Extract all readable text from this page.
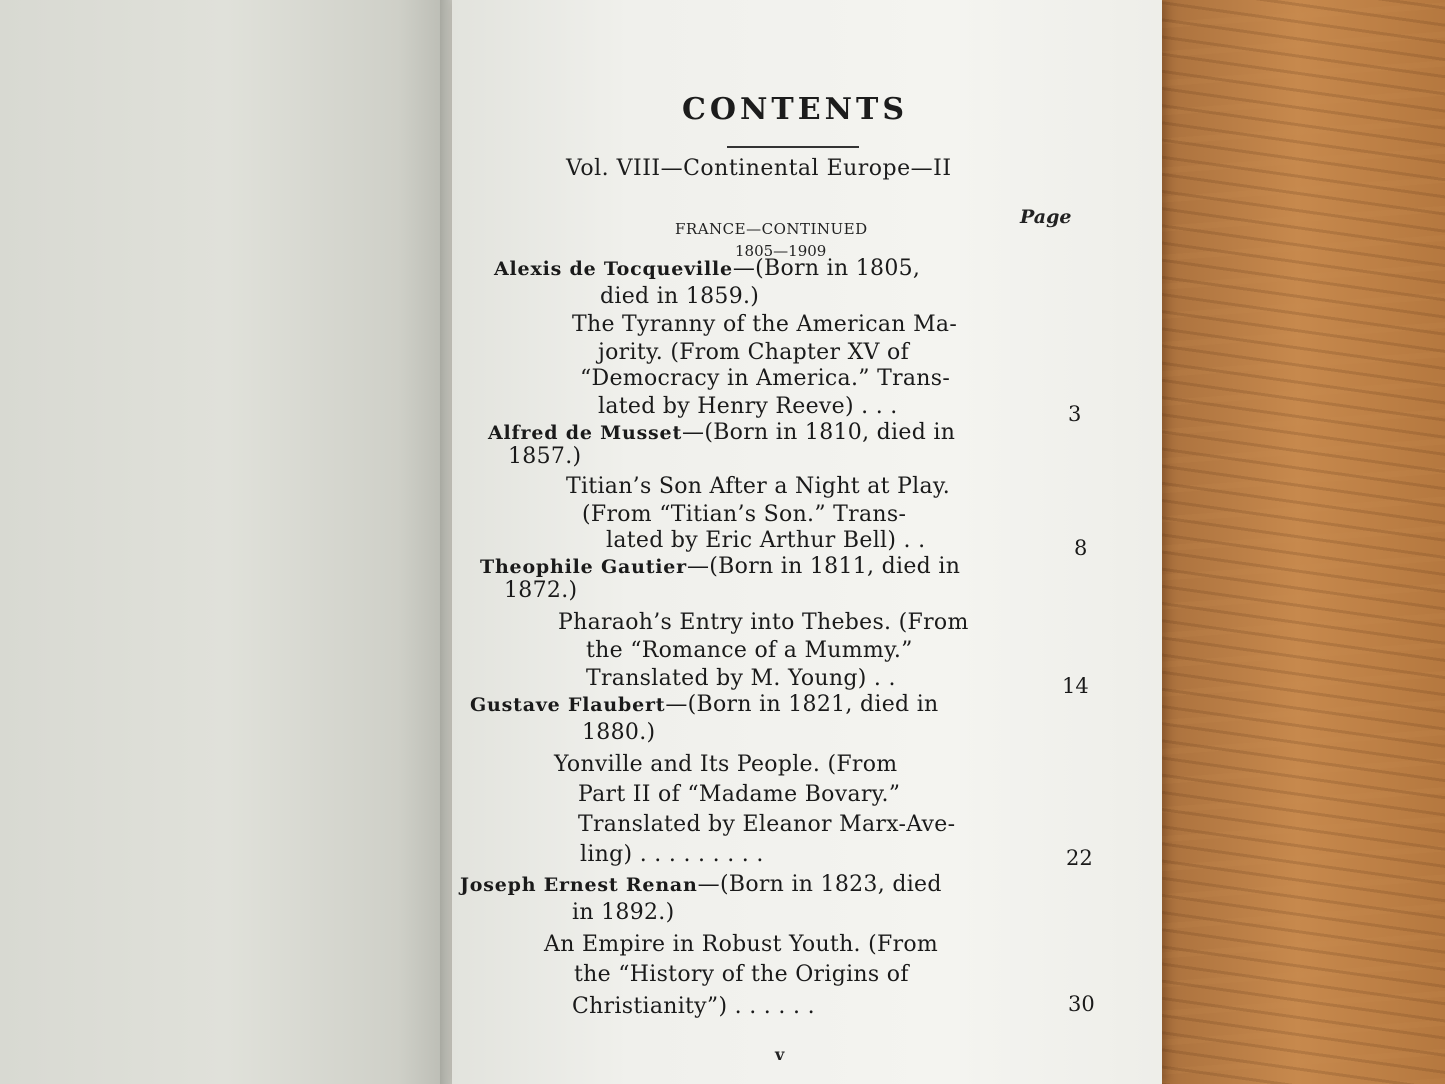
CONTENTS
Vol. VIII—Continental Europe—II
Page
FRANCE—CONTINUED
1805—1909
Alexis de Tocqueville—(Born in 1805,
died in 1859.)
The Tyranny of the American Ma-
jority. (From Chapter XV of
“Democracy in America.” Trans-
lated by Henry Reeve) . . .	3
Alfred de Musset—(Born in 1810, died in
1857.)
Titian’s Son After a Night at Play.
(From “Titian’s Son.” Trans-
lated by Eric Arthur Bell) . .	8
Theophile Gautier—(Born in 1811, died in
1872.)
Pharaoh’s Entry into Thebes. (From
the “Romance of a Mummy.”
Translated by M. Young) . .	14
Gustave Flaubert—(Born in 1821, died in
1880.)
Yonville and Its People. (From
Part II of “Madame Bovary.”
Translated by Eleanor Marx-Ave-
ling) . . . . . . . . .	22
Joseph Ernest Renan—(Born in 1823, died
in 1892.)
An Empire in Robust Youth. (From
the “History of the Origins of
Christianity”) . . . . . .	30
v
